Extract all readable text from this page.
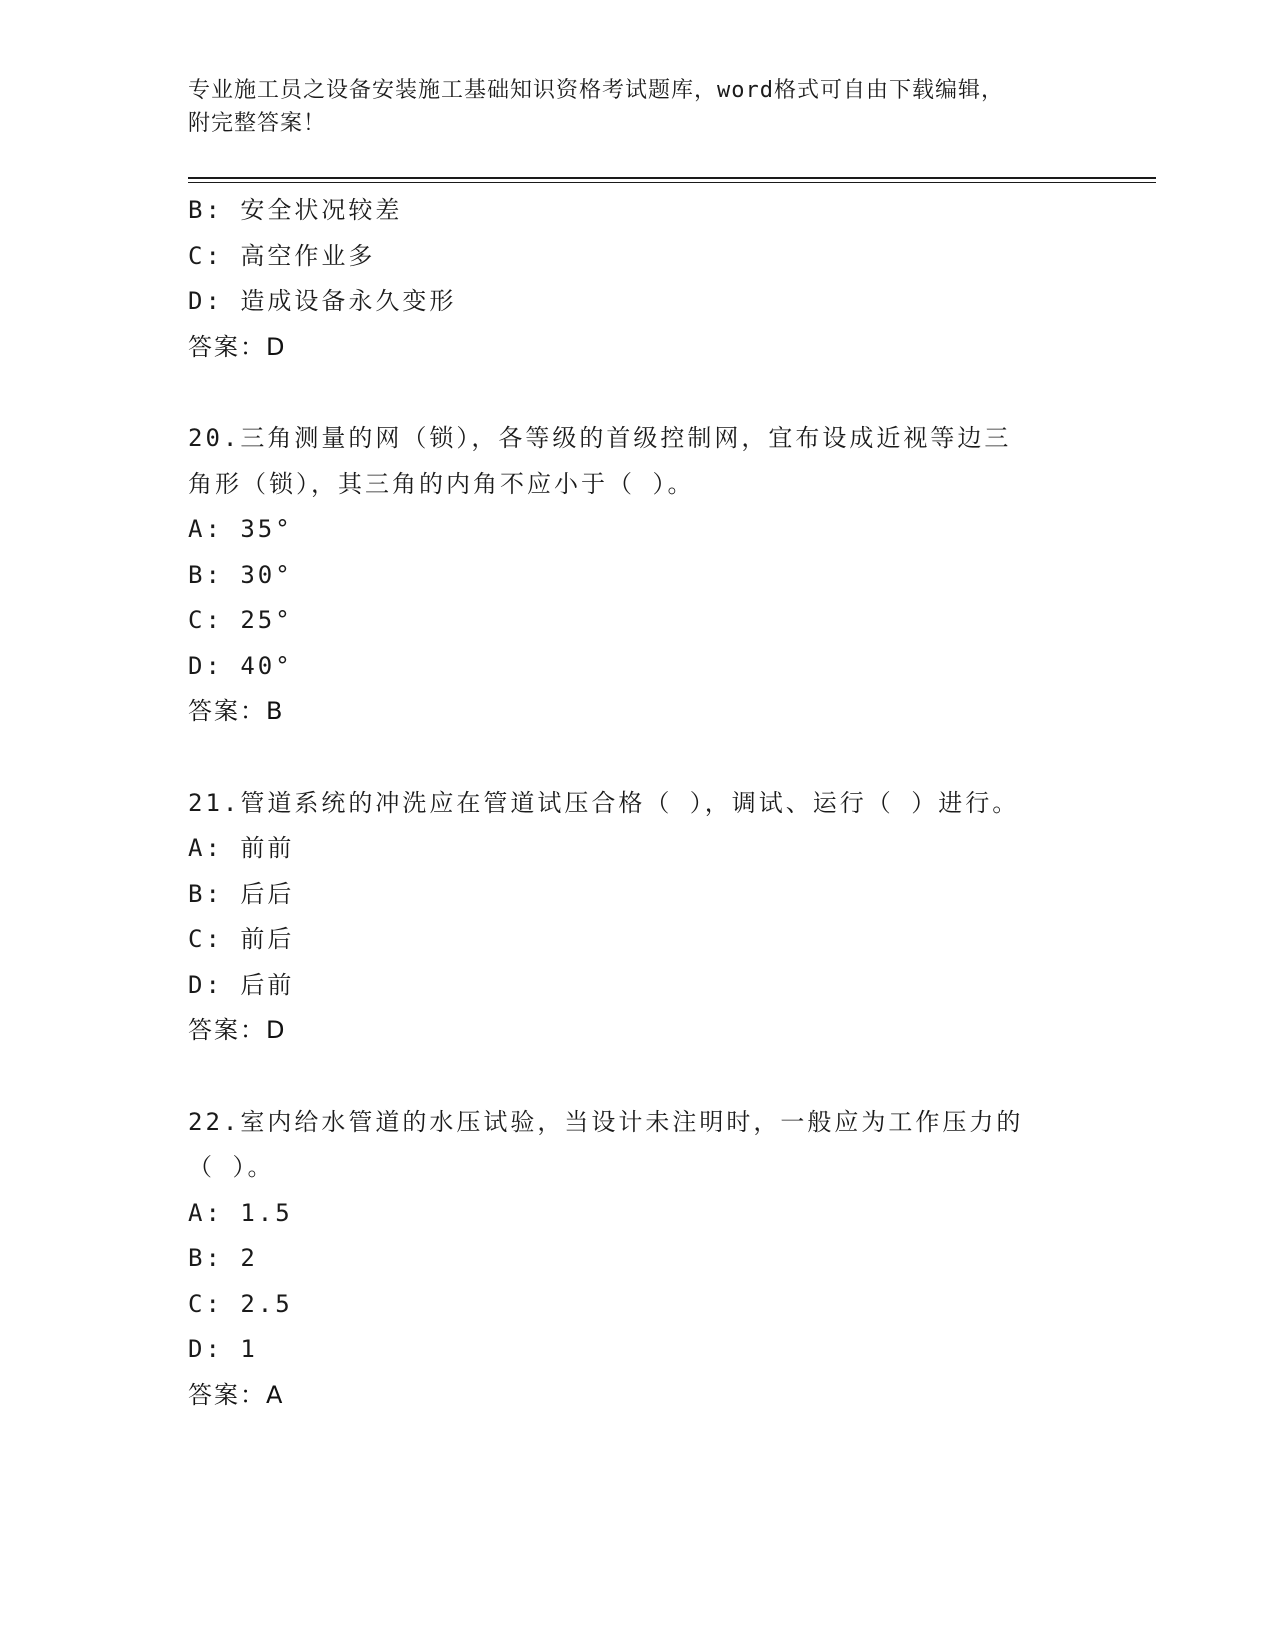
专业施工员之设备安装施工基础知识资格考试题库，word格式可自由下载编辑，
附完整答案！
B: 安全状况较差
C: 高空作业多
D: 造成设备永久变形
答案：D
20.三角测量的网（锁），各等级的首级控制网，宜布设成近视等边三
角形（锁），其三角的内角不应小于（ ）。
A: 35°
B: 30°
C: 25°
D: 40°
答案：B
21.管道系统的冲洗应在管道试压合格（ ），调试、运行（ ）进行。
A: 前前
B: 后后
C: 前后
D: 后前
答案：D
22.室内给水管道的水压试验，当设计未注明时，一般应为工作压力的
（ ）。
A: 1.5
B: 2
C: 2.5
D: 1
答案：A
